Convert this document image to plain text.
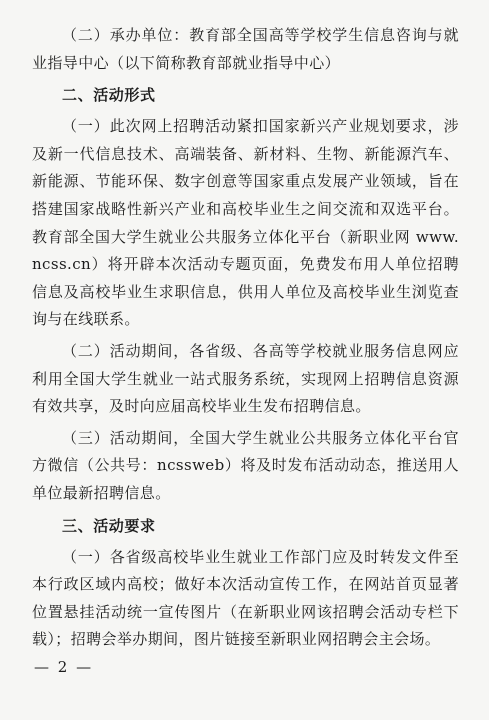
（二）承办单位：教育部全国高等学校学生信息咨询与就业指导中心（以下简称教育部就业指导中心）

二、活动形式

（一）此次网上招聘活动紧扣国家新兴产业规划要求，涉及新一代信息技术、高端装备、新材料、生物、新能源汽车、新能源、节能环保、数字创意等国家重点发展产业领域，旨在搭建国家战略性新兴产业和高校毕业生之间交流和双选平台。教育部全国大学生就业公共服务立体化平台（新职业网 www.ncss.cn）将开辟本次活动专题页面，免费发布用人单位招聘信息及高校毕业生求职信息，供用人单位及高校毕业生浏览查询与在线联系。

（二）活动期间，各省级、各高等学校就业服务信息网应利用全国大学生就业一站式服务系统，实现网上招聘信息资源有效共享，及时向应届高校毕业生发布招聘信息。

（三）活动期间，全国大学生就业公共服务立体化平台官方微信（公共号：ncssweb）将及时发布活动动态，推送用人单位最新招聘信息。

三、活动要求

（一）各省级高校毕业生就业工作部门应及时转发文件至本行政区域内高校；做好本次活动宣传工作，在网站首页显著位置悬挂活动统一宣传图片（在新职业网该招聘会活动专栏下载）；招聘会举办期间，图片链接至新职业网招聘会主会场。

— 2 —
